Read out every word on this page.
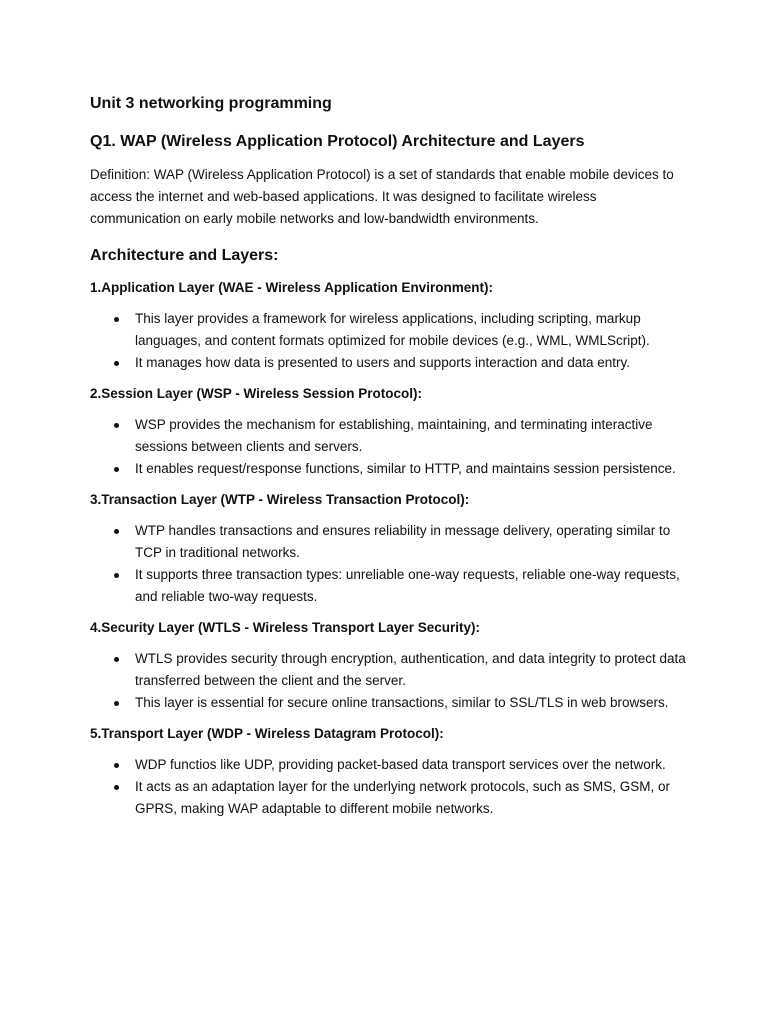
Unit 3 networking programming
Q1. WAP (Wireless Application Protocol) Architecture and Layers

Definition: WAP (Wireless Application Protocol) is a set of standards that enable mobile devices to access the internet and web-based applications. It was designed to facilitate wireless communication on early mobile networks and low-bandwidth environments.

Architecture and Layers:

1.Application Layer (WAE - Wireless Application Environment):

This layer provides a framework for wireless applications, including scripting, markup languages, and content formats optimized for mobile devices (e.g., WML, WMLScript).
It manages how data is presented to users and supports interaction and data entry.

2.Session Layer (WSP - Wireless Session Protocol):

WSP provides the mechanism for establishing, maintaining, and terminating interactive sessions between clients and servers.
It enables request/response functions, similar to HTTP, and maintains session persistence.

3.Transaction Layer (WTP - Wireless Transaction Protocol):

WTP handles transactions and ensures reliability in message delivery, operating similar to TCP in traditional networks.
It supports three transaction types: unreliable one-way requests, reliable one-way requests, and reliable two-way requests.

4.Security Layer (WTLS - Wireless Transport Layer Security):

WTLS provides security through encryption, authentication, and data integrity to protect data transferred between the client and the server.
This layer is essential for secure online transactions, similar to SSL/TLS in web browsers.

5.Transport Layer (WDP - Wireless Datagram Protocol):

WDP functios like UDP, providing packet-based data transport services over the network.
It acts as an adaptation layer for the underlying network protocols, such as SMS, GSM, or GPRS, making WAP adaptable to different mobile networks.
